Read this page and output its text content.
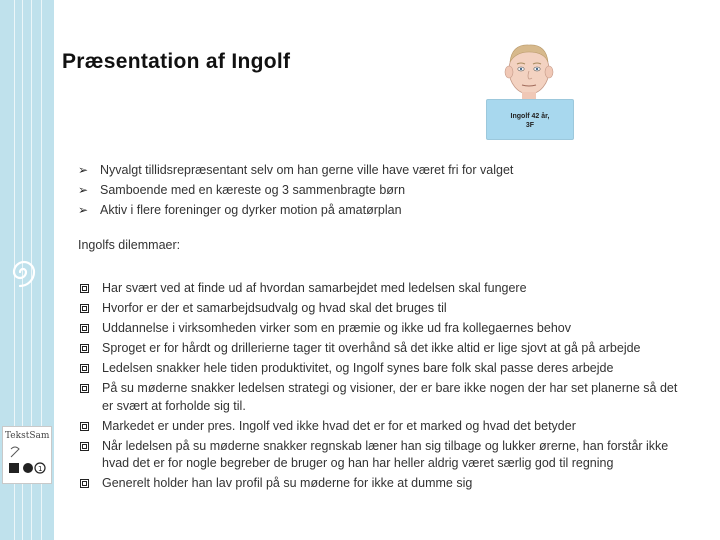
TekstSam
1
Præsentation af Ingolf
Ingolf 42 år,
3F
➢ Nyvalgt tillidsrepræsentant selv om han gerne ville have været fri for valget
➢ Samboende med en kæreste og 3 sammenbragte børn
➢ Aktiv i flere foreninger og dyrker motion på amatørplan
Ingolfs dilemmaer:
Har svært ved at finde ud af hvordan samarbejdet med ledelsen skal fungere
Hvorfor er der et samarbejdsudvalg og hvad skal det bruges til
Uddannelse i virksomheden virker som en præmie og ikke ud fra kollegaernes behov
Sproget er for hårdt og drillerierne tager tit overhånd så det ikke altid er lige sjovt at gå på arbejde
Ledelsen snakker hele tiden produktivitet, og Ingolf synes bare folk skal passe deres arbejde
På su møderne snakker ledelsen strategi og visioner, der er bare ikke nogen der har set planerne så det er svært at forholde sig til.
Markedet er under pres. Ingolf ved ikke hvad det er for et marked og hvad det betyder
Når ledelsen på su møderne snakker regnskab læner han sig tilbage og lukker ørerne, han forstår ikke hvad det er for nogle begreber de bruger og han har heller aldrig været særlig god til regning
Generelt holder han lav profil på su møderne for ikke at dumme sig
